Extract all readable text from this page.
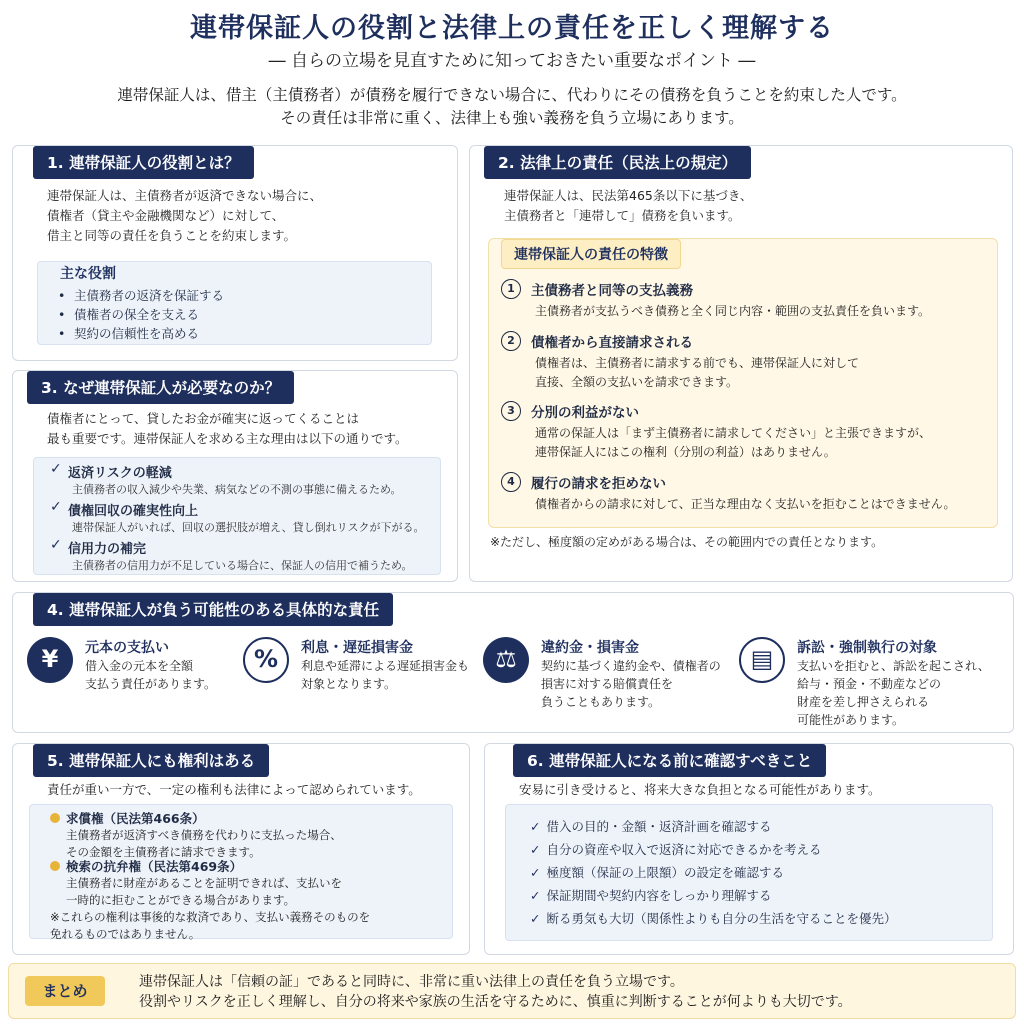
連帯保証人の役割と法律上の責任を正しく理解する
― 自らの立場を見直すために知っておきたい重要なポイント ―
連帯保証人は、借主（主債務者）が債務を履行できない場合に、代わりにその債務を負うことを約束した人です。
その責任は非常に重く、法律上も強い義務を負う立場にあります。
1. 連帯保証人の役割とは？
連帯保証人は、主債務者が返済できない場合に、
債権者（貸主や金融機関など）に対して、
借主と同等の責任を負うことを約束します。
主な役割
• 主債務者の返済を保証する
• 債権者の保全を支える
• 契約の信頼性を高める
2. 法律上の責任（民法上の規定）
連帯保証人は、民法第465条以下に基づき、
主債務者と「連帯して」債務を負います。
連帯保証人の責任の特徴
1	主債務者と同等の支払義務
主債務者が支払うべき債務と全く同じ内容・範囲の支払責任を負います。
2	債権者から直接請求される
債権者は、主債務者に請求する前でも、連帯保証人に対して
直接、全額の支払いを請求できます。
3	分別の利益がない
通常の保証人は「まず主債務者に請求してください」と主張できますが、
連帯保証人にはこの権利（分別の利益）はありません。
4	履行の請求を拒めない
債権者からの請求に対して、正当な理由なく支払いを拒むことはできません。
※ただし、極度額の定めがある場合は、その範囲内での責任となります。
3. なぜ連帯保証人が必要なのか？
債権者にとって、貸したお金が確実に返ってくることは
最も重要です。連帯保証人を求める主な理由は以下の通りです。
✓ 返済リスクの軽減
主債務者の収入減少や失業、病気などの不測の事態に備えるため。
✓ 債権回収の確実性向上
連帯保証人がいれば、回収の選択肢が増え、貸し倒れリスクが下がる。
✓ 信用力の補完
主債務者の信用力が不足している場合に、保証人の信用で補うため。
4. 連帯保証人が負う可能性のある具体的な責任
¥	元本の支払い
借入金の元本を全額
支払う責任があります。
%	利息・遅延損害金
利息や延滞による遅延損害金も
対象となります。
⚖	違約金・損害金
契約に基づく違約金や、債権者の
損害に対する賠償責任を
負うこともあります。
▤	訴訟・強制執行の対象
支払いを拒むと、訴訟を起こされ、
給与・預金・不動産などの
財産を差し押さえられる
可能性があります。
5. 連帯保証人にも権利はある
責任が重い一方で、一定の権利も法律によって認められています。
求償権（民法第466条）
主債務者が返済すべき債務を代わりに支払った場合、
その金額を主債務者に請求できます。
検索の抗弁権（民法第469条）
主債務者に財産があることを証明できれば、支払いを
一時的に拒むことができる場合があります。
※これらの権利は事後的な救済であり、支払い義務そのものを
免れるものではありません。
6. 連帯保証人になる前に確認すべきこと
安易に引き受けると、将来大きな負担となる可能性があります。
✓ 借入の目的・金額・返済計画を確認する
✓ 自分の資産や収入で返済に対応できるかを考える
✓ 極度額（保証の上限額）の設定を確認する
✓ 保証期間や契約内容をしっかり理解する
✓ 断る勇気も大切（関係性よりも自分の生活を守ることを優先）
まとめ	連帯保証人は「信頼の証」であると同時に、非常に重い法律上の責任を負う立場です。
役割やリスクを正しく理解し、自分の将来や家族の生活を守るために、慎重に判断することが何よりも大切です。
